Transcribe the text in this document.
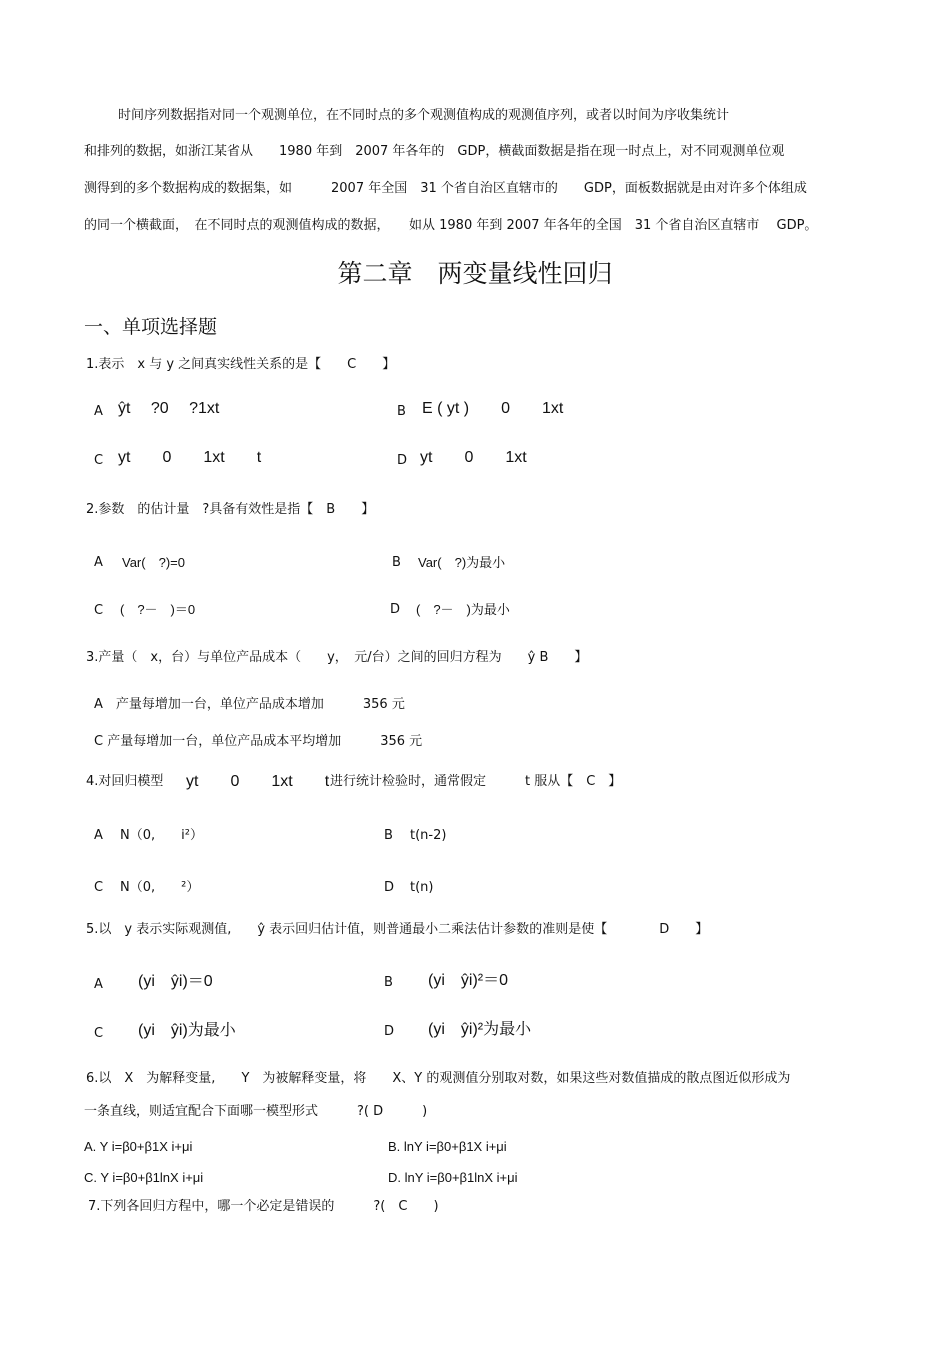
时间序列数据指对同一个观测单位，在不同时点的多个观测值构成的观测值序列，或者以时间为序收集统计
和排列的数据，如浙江某省从　　1980 年到　2007 年各年的　GDP，横截面数据是指在现一时点上，对不同观测单位观
测得到的多个数据构成的数据集，如　　　2007 年全国　31 个省自治区直辖市的　　GDP，面板数据就是由对许多个体组成
的同一个横截面，　在不同时点的观测值构成的数据，　　如从 1980 年到 2007 年各年的全国　31 个省自治区直辖市　 GDP。
第二章　两变量线性回归
一、单项选择题
1.表示　x 与 y 之间真实线性关系的是【　　C　　】
A ŷt　 ?0　 ?1xt	B E ( yt )　　0　　1xt
C yt　　0　　1xt　　t	D yt　　0　　1xt
2.参数　的估计量　?具备有效性是指【　B　　】
A Var(　?)=0	B Var(　?)为最小
C (　?－　)＝0	D (　?－　)为最小
3.产量（　x，台）与单位产品成本（　　y，　元/台）之间的回归方程为　　ŷ B　　】
A　产量每增加一台，单位产品成本增加　　　356 元
C 产量每增加一台，单位产品成本平均增加　　　356 元
4.对回归模型 yt　　0　　1xt　　t 进行统计检验时，通常假定　　　t 服从【　C　】
A N（0,　　i²）	B t(n-2)
C N（0,　　²）	D t(n)
5.以　y 表示实际观测值,　　ŷ 表示回归估计值，则普通最小二乘法估计参数的准则是使【　　　　D　　】
A (yi　ŷi)＝0	B (yi　ŷi)²＝0
C (yi　ŷi)为最小	D (yi　ŷi)²为最小
6.以　X　为解释变量,　　Y　为被解释变量，将　　X、Y 的观测值分别取对数，如果这些对数值描成的散点图近似形成为
一条直线，则适宜配合下面哪一模型形式　　　?( D　　　)
A. Y i=β0+β1X i+μi	B. lnY i=β0+β1X i+μi
C. Y i=β0+β1lnX i+μi	D. lnY i=β0+β1lnX i+μi
7.下列各回归方程中，哪一个必定是错误的　　　?(　C　　)
